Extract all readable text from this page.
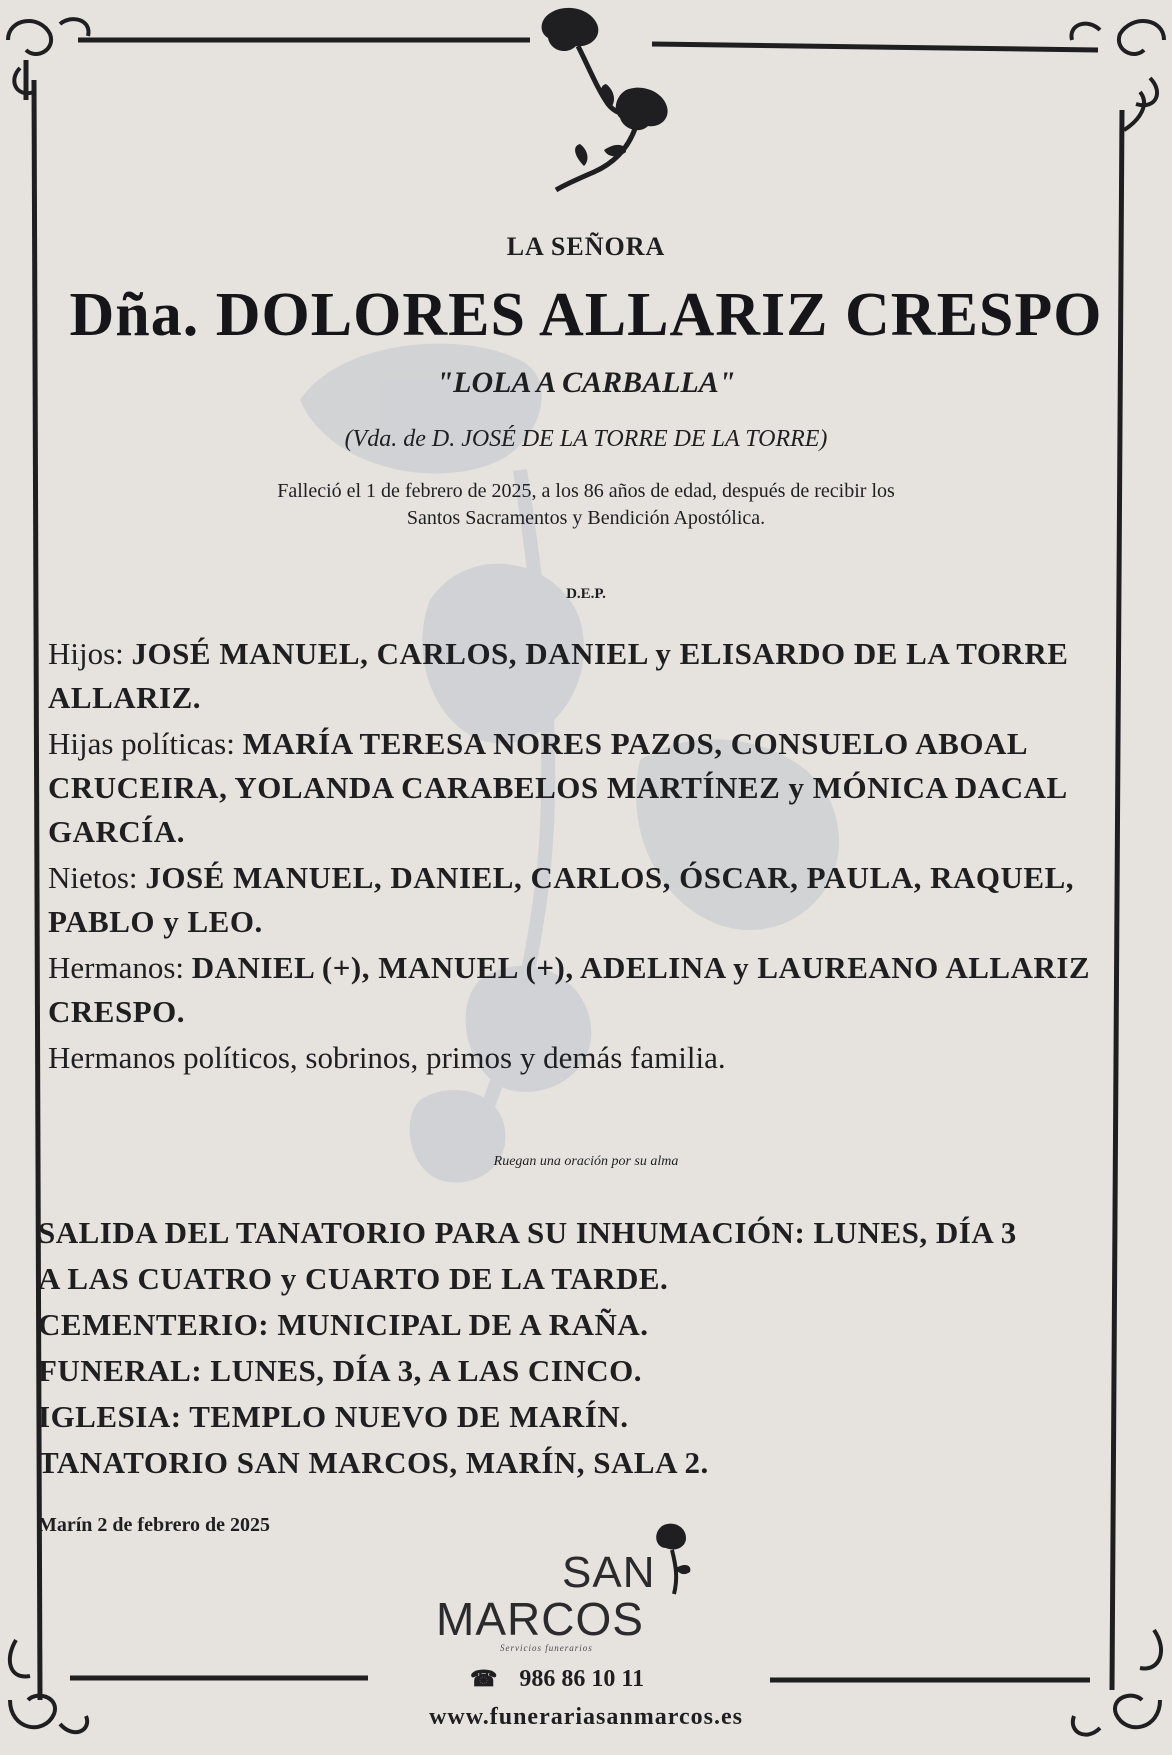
LA SEÑORA
Dña. DOLORES ALLARIZ CRESPO
"LOLA A CARBALLA"
(Vda. de D. JOSÉ DE LA TORRE DE LA TORRE)
Falleció el 1 de febrero de 2025, a los 86 años de edad, después de recibir los
Santos Sacramentos y Bendición Apostólica.
D.E.P.

Hijos: JOSÉ MANUEL, CARLOS, DANIEL y ELISARDO DE LA TORRE ALLARIZ.

Hijas políticas: MARÍA TERESA NORES PAZOS, CONSUELO ABOAL CRUCEIRA, YOLANDA CARABELOS MARTÍNEZ y MÓNICA DACAL GARCÍA.

Nietos: JOSÉ MANUEL, DANIEL, CARLOS, ÓSCAR, PAULA, RAQUEL, PABLO y LEO.

Hermanos: DANIEL (+), MANUEL (+), ADELINA y LAUREANO ALLARIZ CRESPO.

Hermanos políticos, sobrinos, primos y demás familia.

Ruegan una oración por su alma

SALIDA DEL TANATORIO PARA SU INHUMACIÓN: LUNES, DÍA 3

A LAS CUATRO y CUARTO DE LA TARDE.

CEMENTERIO: MUNICIPAL DE A RAÑA.

FUNERAL: LUNES, DÍA 3, A LAS CINCO.

IGLESIA: TEMPLO NUEVO DE MARÍN.

TANATORIO SAN MARCOS, MARÍN, SALA 2.

Marín 2 de febrero de 2025
SAN
MARCOS
Servicios funerarios
☎ 986 86 10 11
www.funerariasanmarcos.es
